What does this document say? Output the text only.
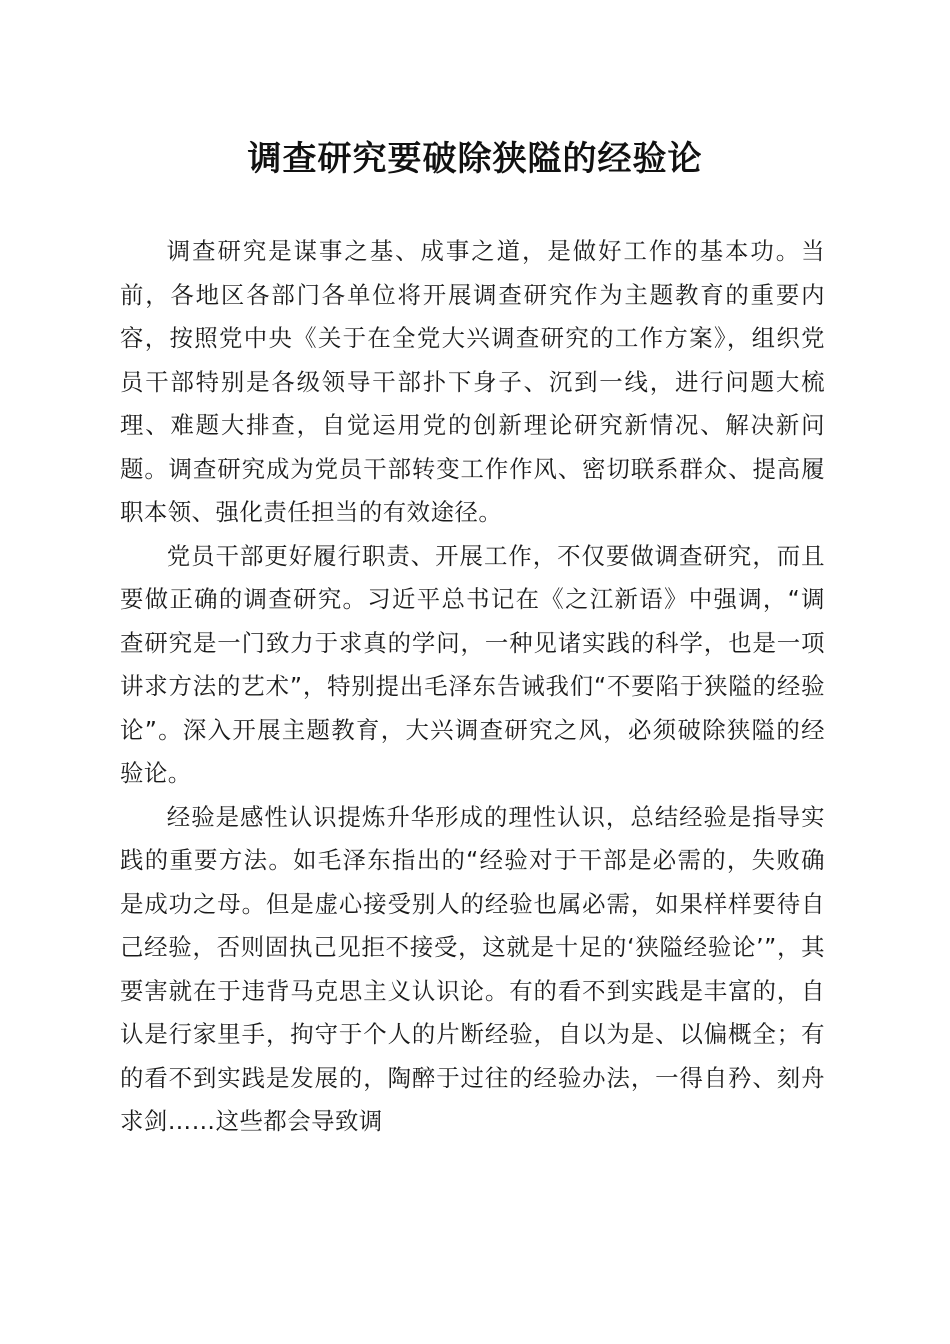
调查研究要破除狭隘的经验论

调查研究是谋事之基、成事之道，是做好工作的基本功。当前，各地区各部门各单位将开展调查研究作为主题教育的重要内容，按照党中央《关于在全党大兴调查研究的工作方案》，组织党员干部特别是各级领导干部扑下身子、沉到一线，进行问题大梳理、难题大排查，自觉运用党的创新理论研究新情况、解决新问题。调查研究成为党员干部转变工作作风、密切联系群众、提高履职本领、强化责任担当的有效途径。

党员干部更好履行职责、开展工作，不仅要做调查研究，而且要做正确的调查研究。习近平总书记在《之江新语》中强调，“调查研究是一门致力于求真的学问，一种见诸实践的科学，也是一项讲求方法的艺术”，特别提出毛泽东告诫我们“不要陷于狭隘的经验论”。深入开展主题教育，大兴调查研究之风，必须破除狭隘的经验论。

经验是感性认识提炼升华形成的理性认识，总结经验是指导实践的重要方法。如毛泽东指出的“经验对于干部是必需的，失败确是成功之母。但是虚心接受别人的经验也属必需，如果样样要待自己经验，否则固执己见拒不接受，这就是十足的‘狭隘经验论’”，其要害就在于违背马克思主义认识论。有的看不到实践是丰富的，自认是行家里手，拘守于个人的片断经验，自以为是、以偏概全；有的看不到实践是发展的，陶醉于过往的经验办法，一得自矜、刻舟求剑……这些都会导致调
